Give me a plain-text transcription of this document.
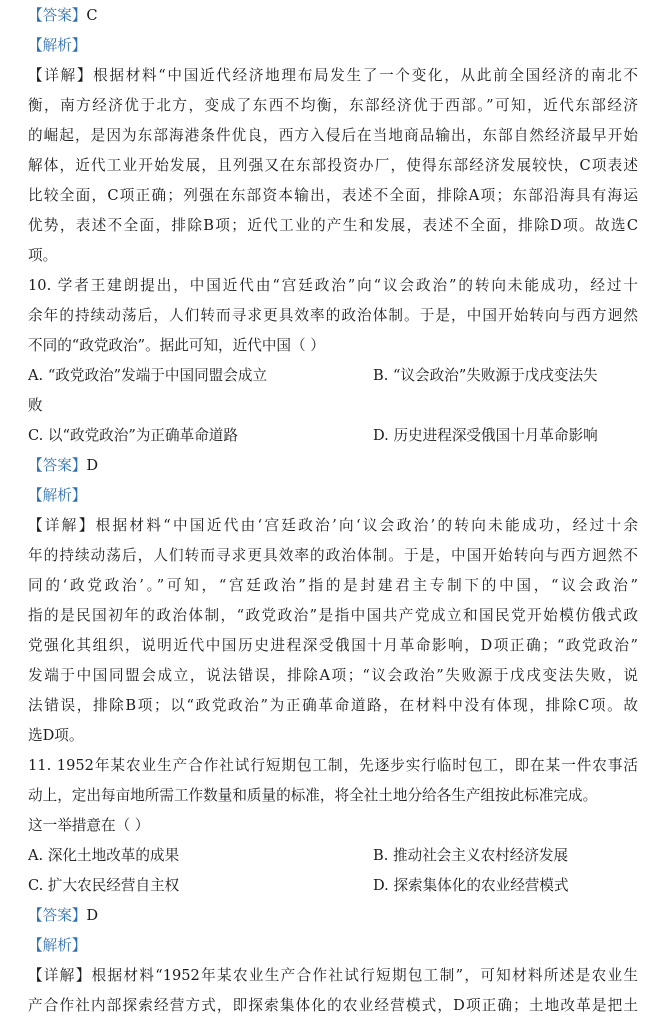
【答案】C
【解析】
【详解】根据材料“中国近代经济地理布局发生了一个变化，从此前全国经济的南北不
衡，南方经济优于北方，变成了东西不均衡，东部经济优于西部。”可知，近代东部经济
的崛起，是因为东部海港条件优良，西方入侵后在当地商品输出，东部自然经济最早开始
解体，近代工业开始发展，且列强又在东部投资办厂，使得东部经济发展较快，C项表述
比较全面，C项正确；列强在东部资本输出，表述不全面，排除A项；东部沿海具有海运
优势，表述不全面，排除B项；近代工业的产生和发展，表述不全面，排除D项。故选C
项。
10. 学者王建朗提出，中国近代由“宫廷政治”向“议会政治”的转向未能成功，经过十
余年的持续动荡后，人们转而寻求更具效率的政治体制。于是，中国开始转向与西方迥然
不同的“政党政治”。据此可知，近代中国（ ）
A. “政党政治”发端于中国同盟会成立	B. “议会政治”失败源于戊戌变法失
败
C. 以“政党政治”为正确革命道路	D. 历史进程深受俄国十月革命影响
【答案】D
【解析】
【详解】根据材料“中国近代由‘宫廷政治’向‘议会政治’的转向未能成功，经过十余
年的持续动荡后，人们转而寻求更具效率的政治体制。于是，中国开始转向与西方迥然不
同的‘政党政治’。”可知，“宫廷政治”指的是封建君主专制下的中国，“议会政治”
指的是民国初年的政治体制，“政党政治”是指中国共产党成立和国民党开始模仿俄式政
党强化其组织，说明近代中国历史进程深受俄国十月革命影响，D项正确；“政党政治”
发端于中国同盟会成立，说法错误，排除A项；“议会政治”失败源于戊戌变法失败，说
法错误，排除B项；以“政党政治”为正确革命道路，在材料中没有体现，排除C项。故
选D项。
11. 1952年某农业生产合作社试行短期包工制，先逐步实行临时包工，即在某一件农事活
动上，定出每亩地所需工作数量和质量的标准，将全社土地分给各生产组按此标准完成。
这一举措意在（ ）
A. 深化土地改革的成果	B. 推动社会主义农村经济发展
C. 扩大农民经营自主权	D. 探索集体化的农业经营模式
【答案】D
【解析】
【详解】根据材料“1952年某农业生产合作社试行短期包工制”，可知材料所述是农业生
产合作社内部探索经营方式，即探索集体化的农业经营模式，D项正确；土地改革是把土
